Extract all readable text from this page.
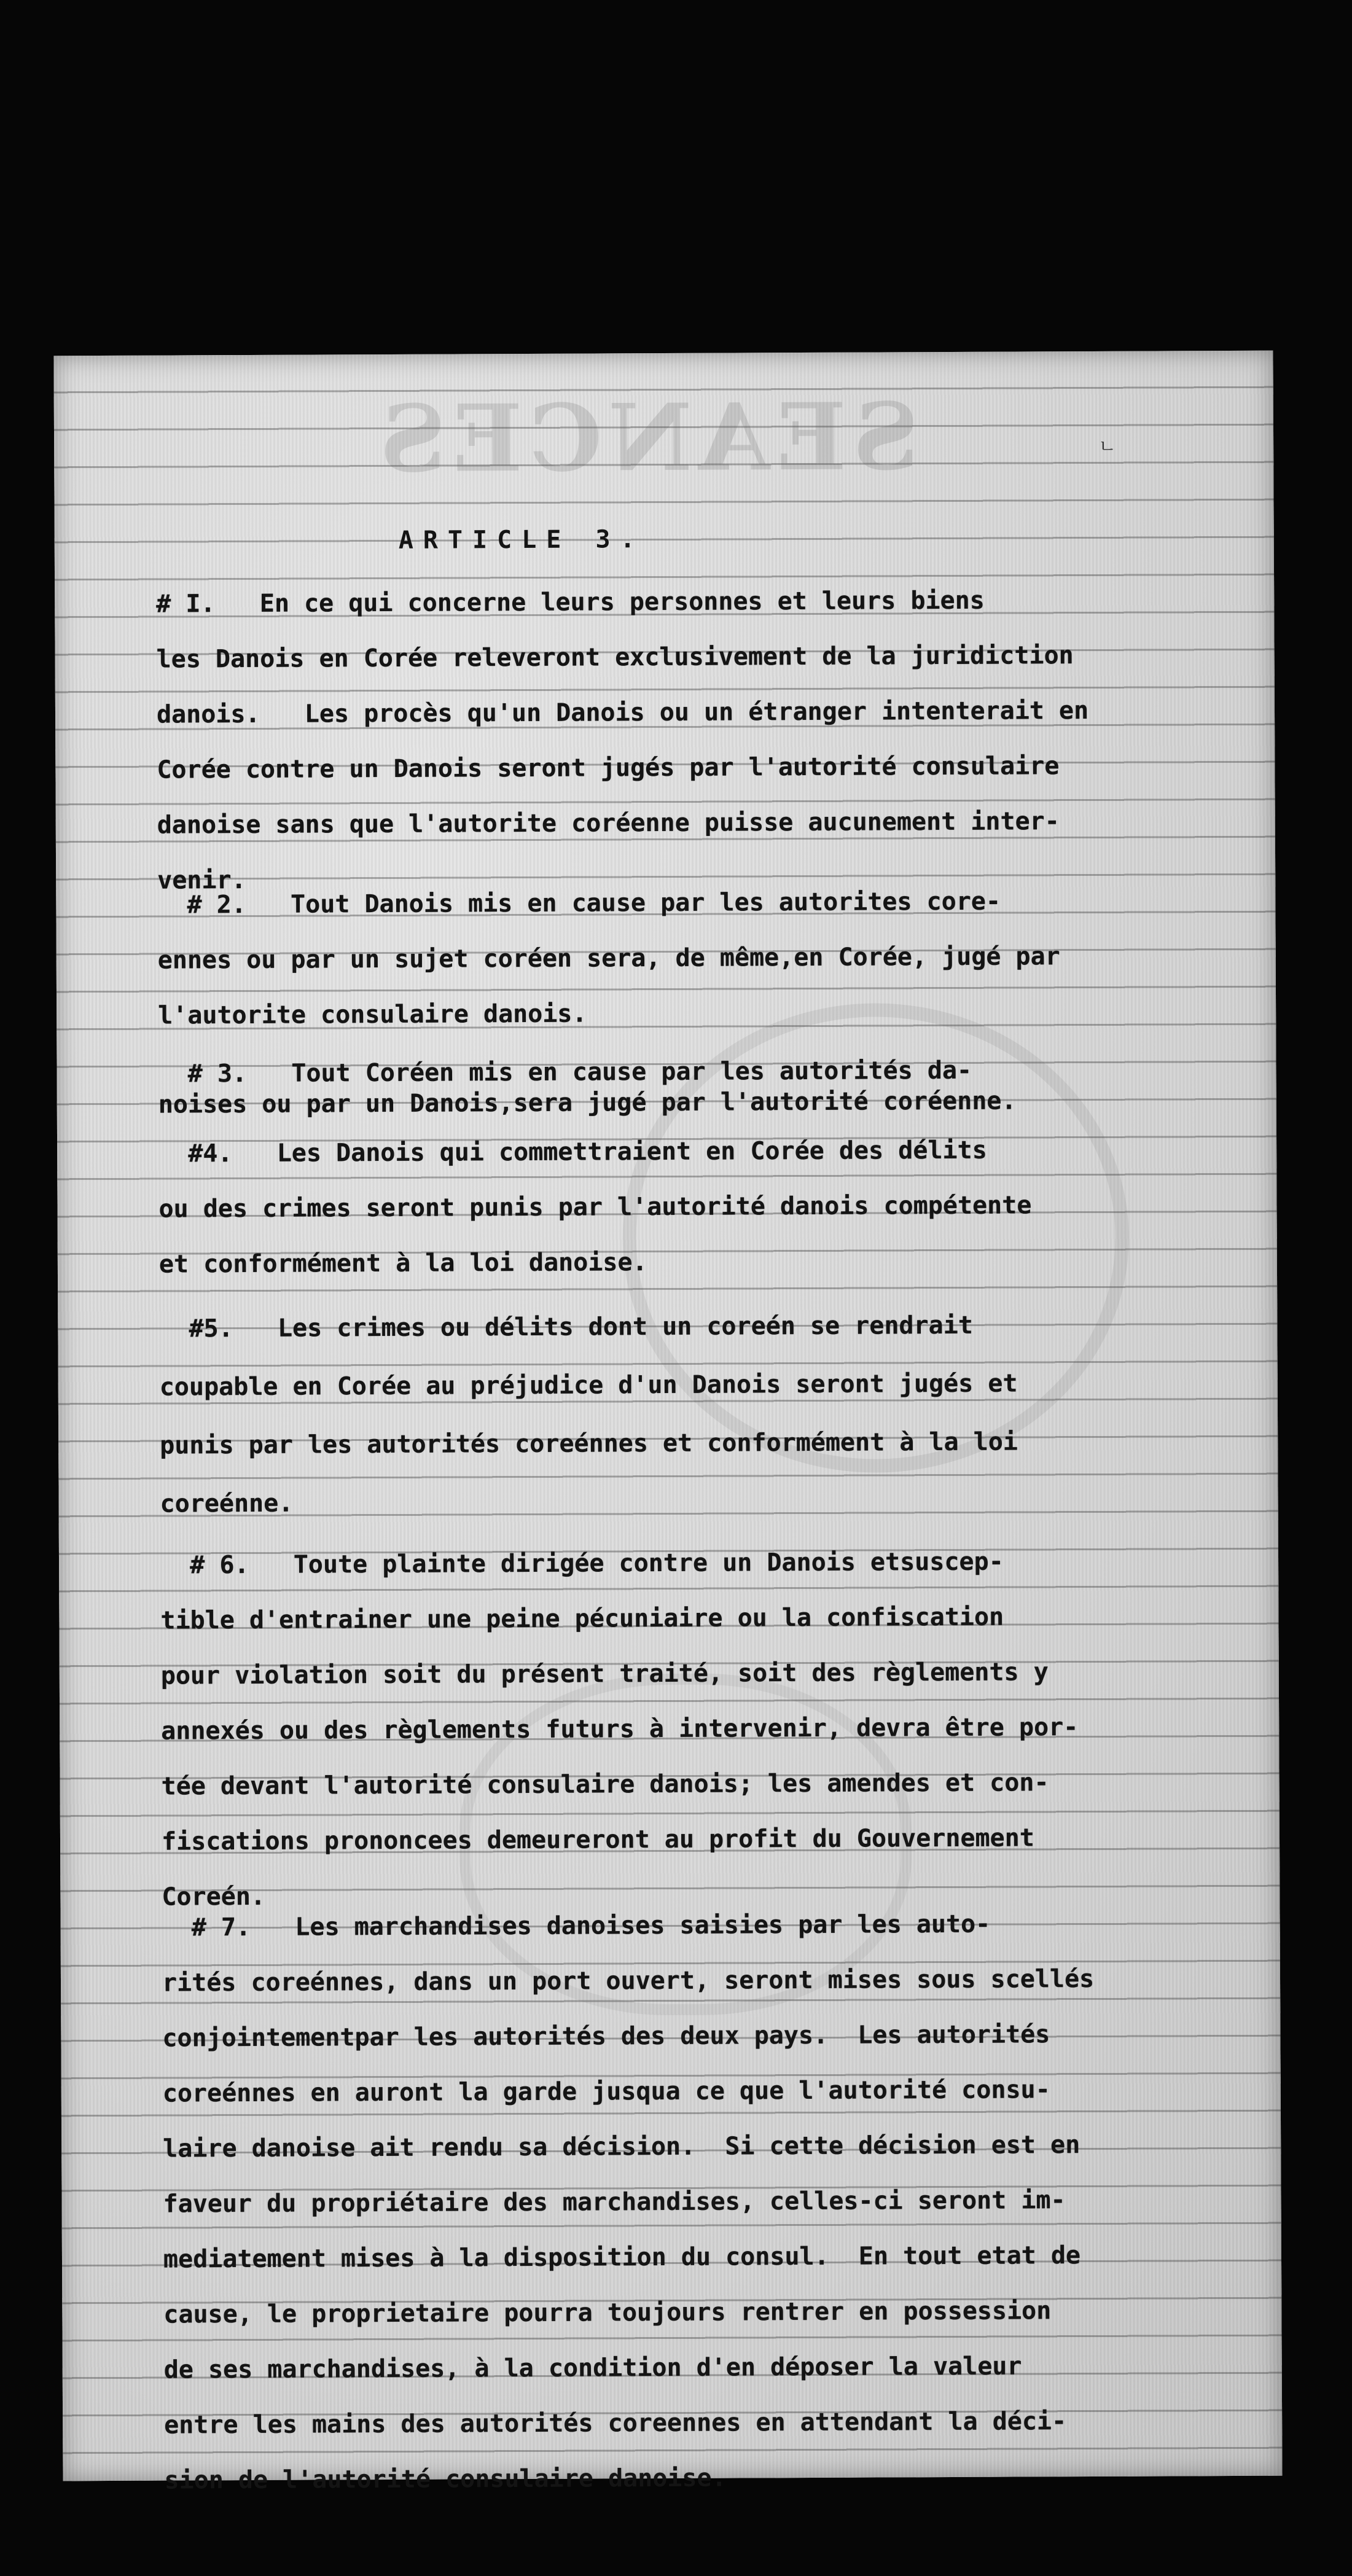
SEANCES
ARTICLE 3.
# I.   En ce qui concerne leurs personnes et leurs biens
les Danois en Corée releveront exclusivement de la juridiction
danois.   Les procès qu'un Danois ou un étranger intenterait en
Corée contre un Danois seront jugés par l'autorité consulaire
danoise sans que l'autorite coréenne puisse aucunement inter-
venir.
# 2.   Tout Danois mis en cause par les autorites core-
ennes ou par un sujet coréen sera, de même,en Corée, jugé par
l'autorite consulaire danois.
# 3.   Tout Coréen mis en cause par les autorités da-
noises ou par un Danois,sera jugé par l'autorité coréenne.
#4.   Les Danois qui commettraient en Corée des délits
ou des crimes seront punis par l'autorité danois compétente
et conformément à la loi danoise.
#5.   Les crimes ou délits dont un coreén se rendrait
coupable en Corée au préjudice d'un Danois seront jugés et
punis par les autorités coreénnes et conformément à la loi
coreénne.
# 6.   Toute plainte dirigée contre un Danois etsuscep-
tible d'entrainer une peine pécuniaire ou la confiscation
pour violation soit du présent traité, soit des règlements y
annexés ou des règlements futurs à intervenir, devra être por-
tée devant l'autorité consulaire danois; les amendes et con-
fiscations prononcees demeureront au profit du Gouvernement
Coreén.
# 7.   Les marchandises danoises saisies par les auto-
rités coreénnes, dans un port ouvert, seront mises sous scellés
conjointementpar les autorités des deux pays.  Les autorités
coreénnes en auront la garde jusqua ce que l'autorité consu-
laire danoise ait rendu sa décision.  Si cette décision est en
faveur du propriétaire des marchandises, celles-ci seront im-
mediatement mises à la disposition du consul.  En tout etat de
cause, le proprietaire pourra toujours rentrer en possession
de ses marchandises, à la condition d'en déposer la valeur
entre les mains des autorités coreennes en attendant la déci-
sion de l'autorité consulaire danoise.
ㄴ
